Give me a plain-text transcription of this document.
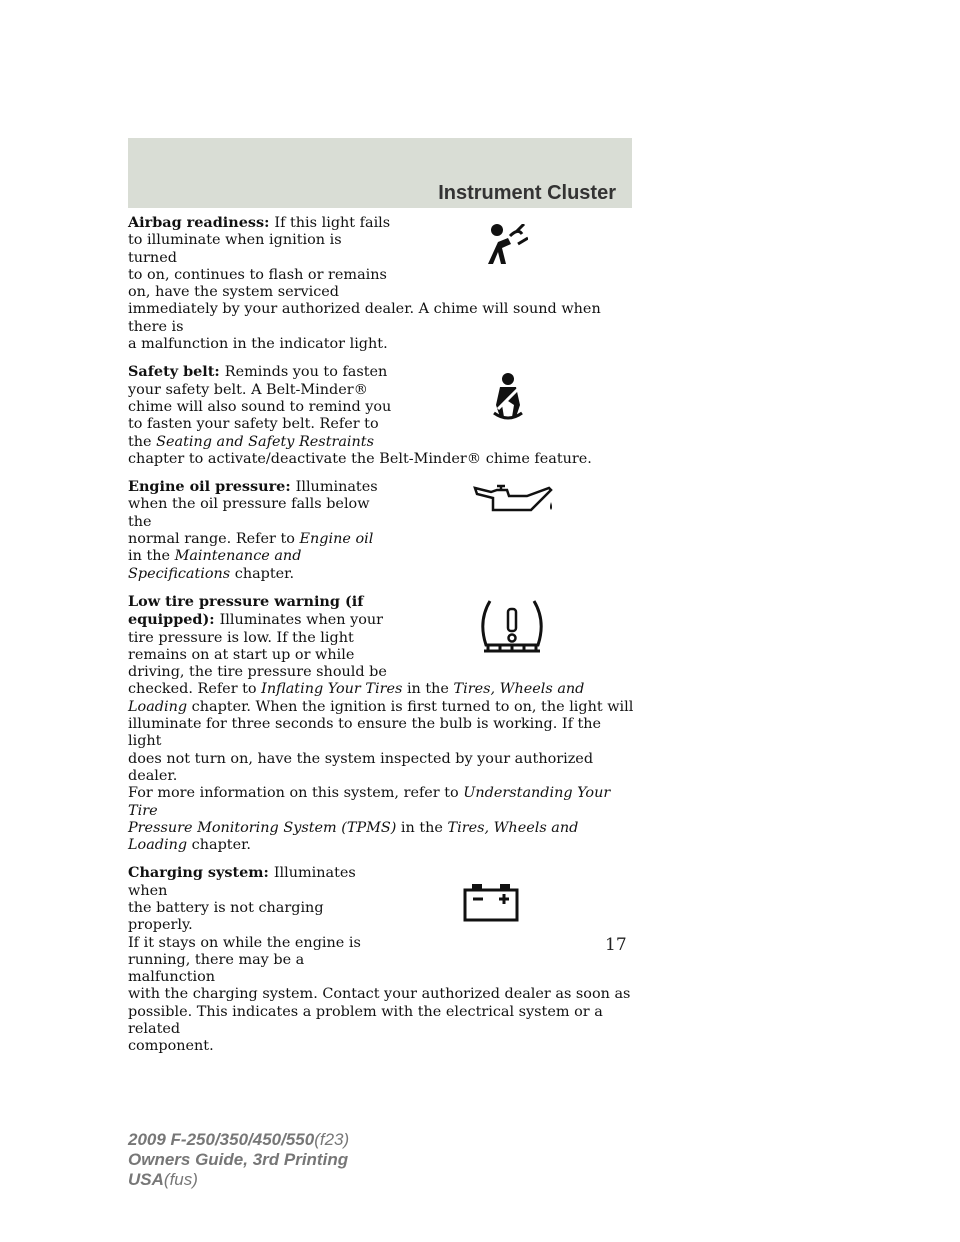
Instrument Cluster

Airbag readiness: If this light fails
to illuminate when ignition is turned
to on, continues to flash or remains
on, have the system serviced

immediately by your authorized dealer. A chime will sound when there is
a malfunction in the indicator light.

Safety belt: Reminds you to fasten
your safety belt. A Belt-Minder®
chime will also sound to remind you
to fasten your safety belt. Refer to
the Seating and Safety Restraints

chapter to activate/deactivate the Belt-Minder® chime feature.

Engine oil pressure: Illuminates
when the oil pressure falls below the
normal range. Refer to Engine oil
in the Maintenance and
Specifications chapter.

Low tire pressure warning (if
equipped): Illuminates when your
tire pressure is low. If the light
remains on at start up or while
driving, the tire pressure should be

checked. Refer to Inflating Your Tires in the Tires, Wheels and
Loading chapter. When the ignition is first turned to on, the light will
illuminate for three seconds to ensure the bulb is working. If the light
does not turn on, have the system inspected by your authorized dealer.
For more information on this system, refer to Understanding Your Tire
Pressure Monitoring System (TPMS) in the Tires, Wheels and
Loading chapter.

Charging system: Illuminates when
the battery is not charging properly.
If it stays on while the engine is
running, there may be a malfunction

with the charging system. Contact your authorized dealer as soon as
possible. This indicates a problem with the electrical system or a related
component.

17
2009 F-250/350/450/550(f23)
Owners Guide, 3rd Printing
USA(fus)
